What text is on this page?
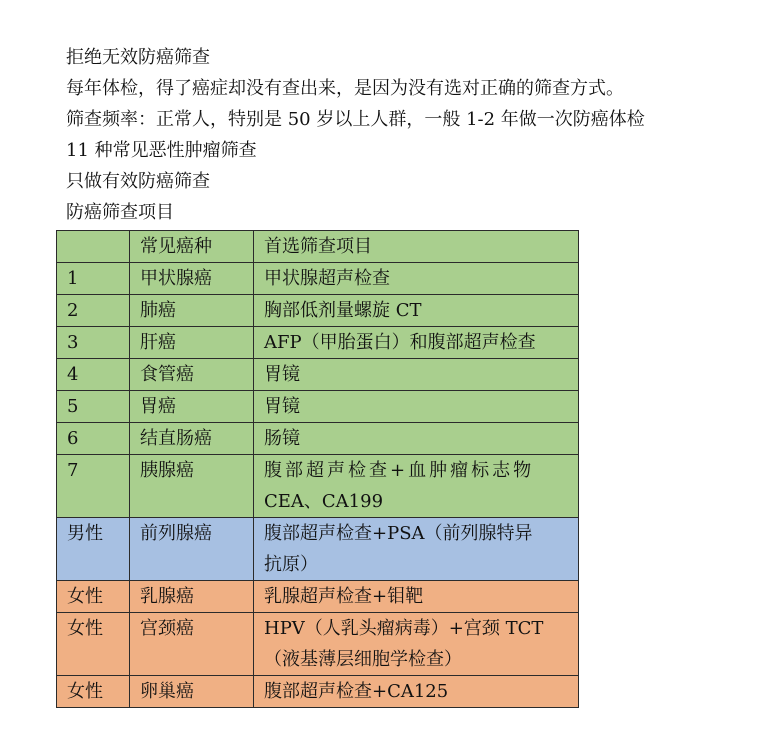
拒绝无效防癌筛查
每年体检，得了癌症却没有查出来，是因为没有选对正确的筛查方式。
筛查频率：正常人，特别是 50 岁以上人群，一般 1-2 年做一次防癌体检
11 种常见恶性肿瘤筛查
只做有效防癌筛查
防癌筛查项目
	常见癌种	首选筛查项目
1	甲状腺癌	甲状腺超声检查

2	肺癌	胸部低剂量螺旋 CT

3	肝癌	AFP（甲胎蛋白）和腹部超声检查

4	食管癌	胃镜

5	胃癌	胃镜

6	结直肠癌	肠镜

7	胰腺癌	腹部超声检查+血肿瘤标志物
CEA、CA199

男性	前列腺癌	腹部超声检查+PSA（前列腺特异
抗原）

女性	乳腺癌	乳腺超声检查+钼靶

女性	宫颈癌	HPV（人乳头瘤病毒）+宫颈 TCT
（液基薄层细胞学检查）

女性	卵巢癌	腹部超声检查+CA125
